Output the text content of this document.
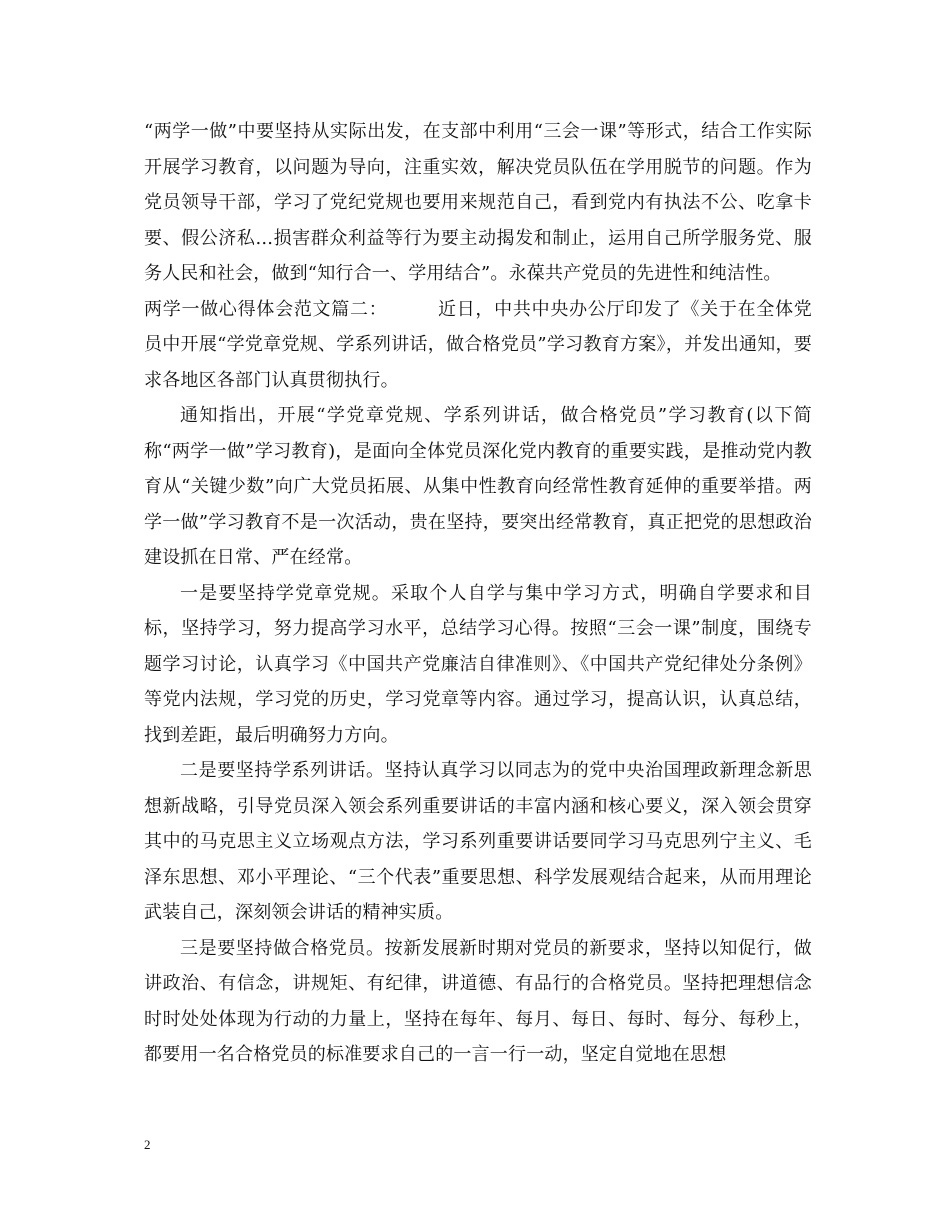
“两学一做”中要坚持从实际出发，在支部中利用“三会一课”等形式，结合工作实际开展学习教育，以问题为导向，注重实效，解决党员队伍在学用脱节的问题。作为党员领导干部，学习了党纪党规也要用来规范自己，看到党内有执法不公、吃拿卡要、假公济私...损害群众利益等行为要主动揭发和制止，运用自己所学服务党、服务人民和社会，做到“知行合一、学用结合”。永葆共产党员的先进性和纯洁性。

两学一做心得体会范文篇二：	近日，中共中央办公厅印发了《关于在全体党员中开展“学党章党规、学系列讲话，做合格党员”学习教育方案》，并发出通知，要求各地区各部门认真贯彻执行。

通知指出，开展“学党章党规、学系列讲话，做合格党员”学习教育(以下简称“两学一做”学习教育)，是面向全体党员深化党内教育的重要实践，是推动党内教育从“关键少数”向广大党员拓展、从集中性教育向经常性教育延伸的重要举措。两学一做”学习教育不是一次活动，贵在坚持，要突出经常教育，真正把党的思想政治建设抓在日常、严在经常。

一是要坚持学党章党规。采取个人自学与集中学习方式，明确自学要求和目标，坚持学习，努力提高学习水平，总结学习心得。按照“三会一课”制度，围绕专题学习讨论，认真学习《中国共产党廉洁自律准则》、《中国共产党纪律处分条例》等党内法规，学习党的历史，学习党章等内容。通过学习，提高认识，认真总结，找到差距，最后明确努力方向。

二是要坚持学系列讲话。坚持认真学习以同志为的党中央治国理政新理念新思想新战略，引导党员深入领会系列重要讲话的丰富内涵和核心要义，深入领会贯穿其中的马克思主义立场观点方法，学习系列重要讲话要同学习马克思列宁主义、毛泽东思想、邓小平理论、“三个代表”重要思想、科学发展观结合起来，从而用理论武装自己，深刻领会讲话的精神实质。

三是要坚持做合格党员。按新发展新时期对党员的新要求，坚持以知促行，做讲政治、有信念，讲规矩、有纪律，讲道德、有品行的合格党员。坚持把理想信念时时处处体现为行动的力量上，坚持在每年、每月、每日、每时、每分、每秒上，都要用一名合格党员的标准要求自己的一言一行一动，坚定自觉地在思想

2
